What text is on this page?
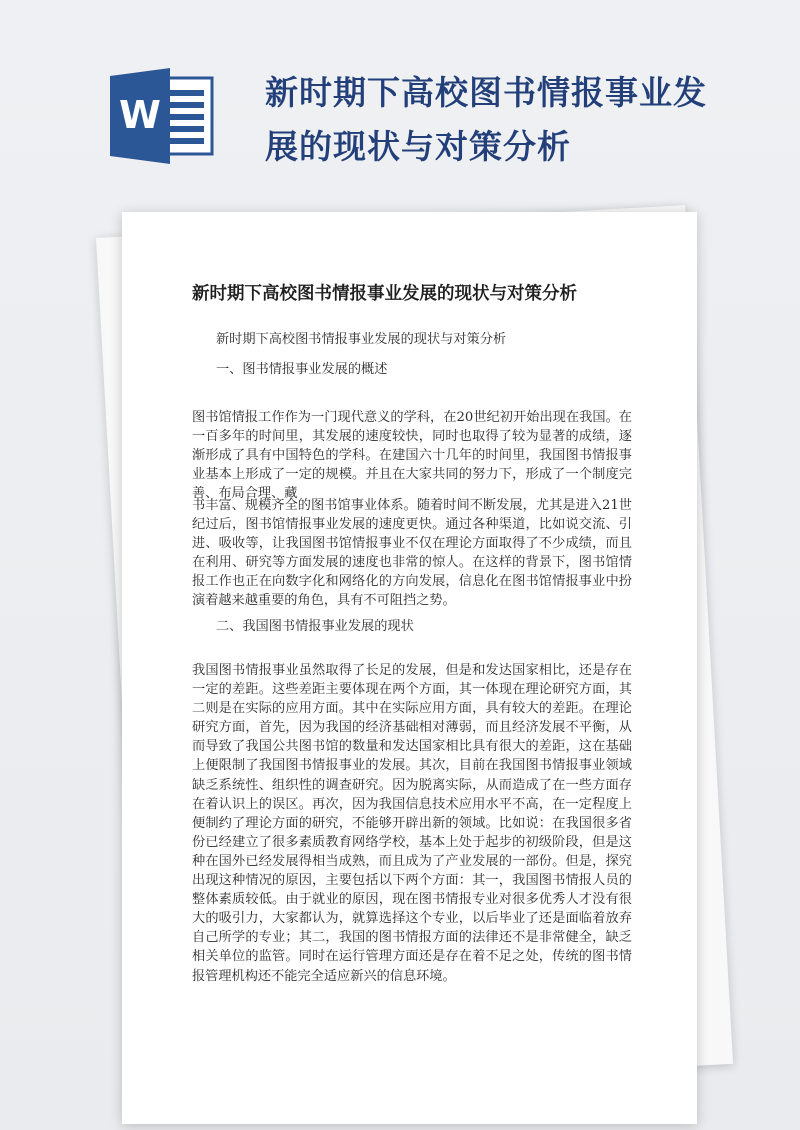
W
新时期下高校图书情报事业发展的现状与对策分析
新时期下高校图书情报事业发展的现状与对策分析

新时期下高校图书情报事业发展的现状与对策分析

一、图书情报事业发展的概述

图书馆情报工作作为一门现代意义的学科，在20世纪初开始出现在我国。在一百多年的时间里，其发展的速度较快，同时也取得了较为显著的成绩，逐渐形成了具有中国特色的学科。在建国六十几年的时间里，我国图书情报事业基本上形成了一定的规模。并且在大家共同的努力下，形成了一个制度完善、布局合理、藏

书丰富、规模齐全的图书馆事业体系。随着时间不断发展，尤其是进入21世纪过后，图书馆情报事业发展的速度更快。通过各种渠道，比如说交流、引进、吸收等，让我国图书馆情报事业不仅在理论方面取得了不少成绩，而且在利用、研究等方面发展的速度也非常的惊人。在这样的背景下，图书馆情报工作也正在向数字化和网络化的方向发展，信息化在图书馆情报事业中扮演着越来越重要的角色，具有不可阻挡之势。

二、我国图书情报事业发展的现状

我国图书情报事业虽然取得了长足的发展，但是和发达国家相比，还是存在一定的差距。这些差距主要体现在两个方面，其一体现在理论研究方面，其二则是在实际的应用方面。其中在实际应用方面，具有较大的差距。在理论研究方面，首先，因为我国的经济基础相对薄弱，而且经济发展不平衡，从而导致了我国公共图书馆的数量和发达国家相比具有很大的差距，这在基础上便限制了我国图书情报事业的发展。其次，目前在我国图书情报事业领域缺乏系统性、组织性的调查研究。因为脱离实际，从而造成了在一些方面存在着认识上的误区。再次，因为我国信息技术应用水平不高，在一定程度上便制约了理论方面的研究，不能够开辟出新的领域。比如说：在我国很多省份已经建立了很多素质教育网络学校，基本上处于起步的初级阶段，但是这种在国外已经发展得相当成熟，而且成为了产业发展的一部份。但是，探究出现这种情况的原因，主要包括以下两个方面：其一，我国图书情报人员的整体素质较低。由于就业的原因，现在图书情报专业对很多优秀人才没有很大的吸引力，大家都认为，就算选择这个专业，以后毕业了还是面临着放弃自己所学的专业；其二，我国的图书情报方面的法律还不是非常健全，缺乏相关单位的监管。同时在运行管理方面还是存在着不足之处，传统的图书情报管理机构还不能完全适应新兴的信息环境。
